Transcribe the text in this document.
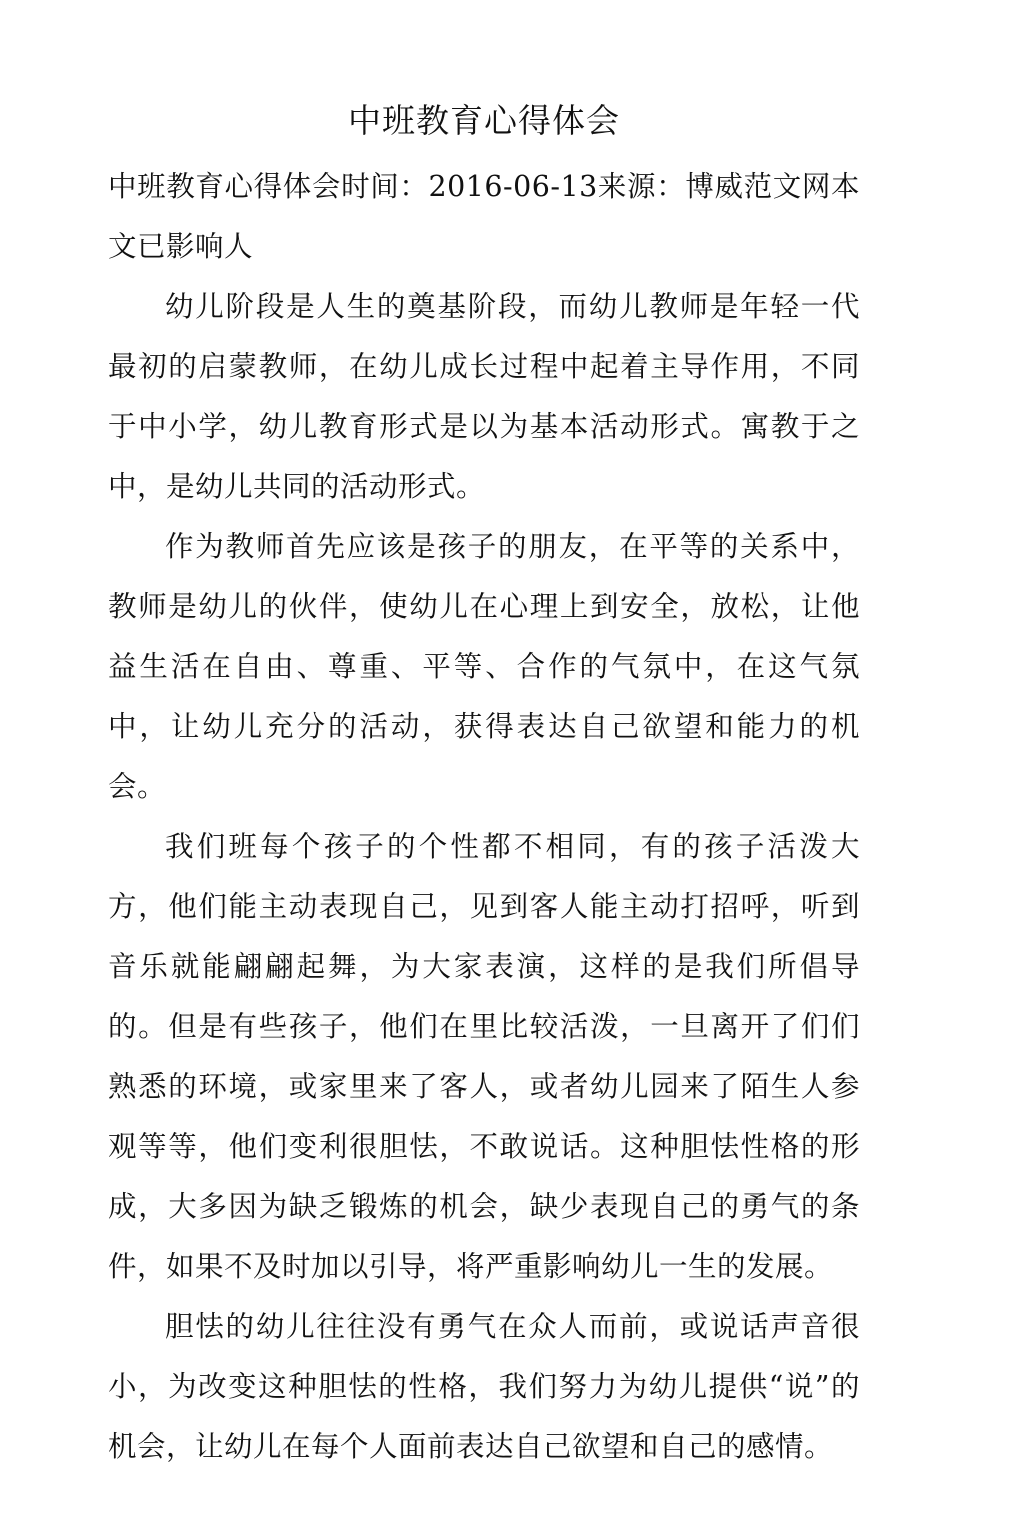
中班教育心得体会

中班教育心得体会时间：2016-06-13来源：博威范文网本文已影响人

幼儿阶段是人生的奠基阶段，而幼儿教师是年轻一代最初的启蒙教师，在幼儿成长过程中起着主导作用，不同于中小学，幼儿教育形式是以为基本活动形式。寓教于之中，是幼儿共同的活动形式。

作为教师首先应该是孩子的朋友，在平等的关系中，教师是幼儿的伙伴，使幼儿在心理上到安全，放松，让他益生活在自由、尊重、平等、合作的气氛中，在这气氛中，让幼儿充分的活动，获得表达自己欲望和能力的机会。

我们班每个孩子的个性都不相同，有的孩子活泼大方，他们能主动表现自己，见到客人能主动打招呼，听到音乐就能翩翩起舞，为大家表演，这样的是我们所倡导的。但是有些孩子，他们在里比较活泼，一旦离开了们们熟悉的环境，或家里来了客人，或者幼儿园来了陌生人参观等等，他们变利很胆怯，不敢说话。这种胆怯性格的形成，大多因为缺乏锻炼的机会，缺少表现自己的勇气的条件，如果不及时加以引导，将严重影响幼儿一生的发展。

胆怯的幼儿往往没有勇气在众人而前，或说话声音很小，为改变这种胆怯的性格，我们努力为幼儿提供“说”的机会，让幼儿在每个人面前表达自己欲望和自己的感情。
